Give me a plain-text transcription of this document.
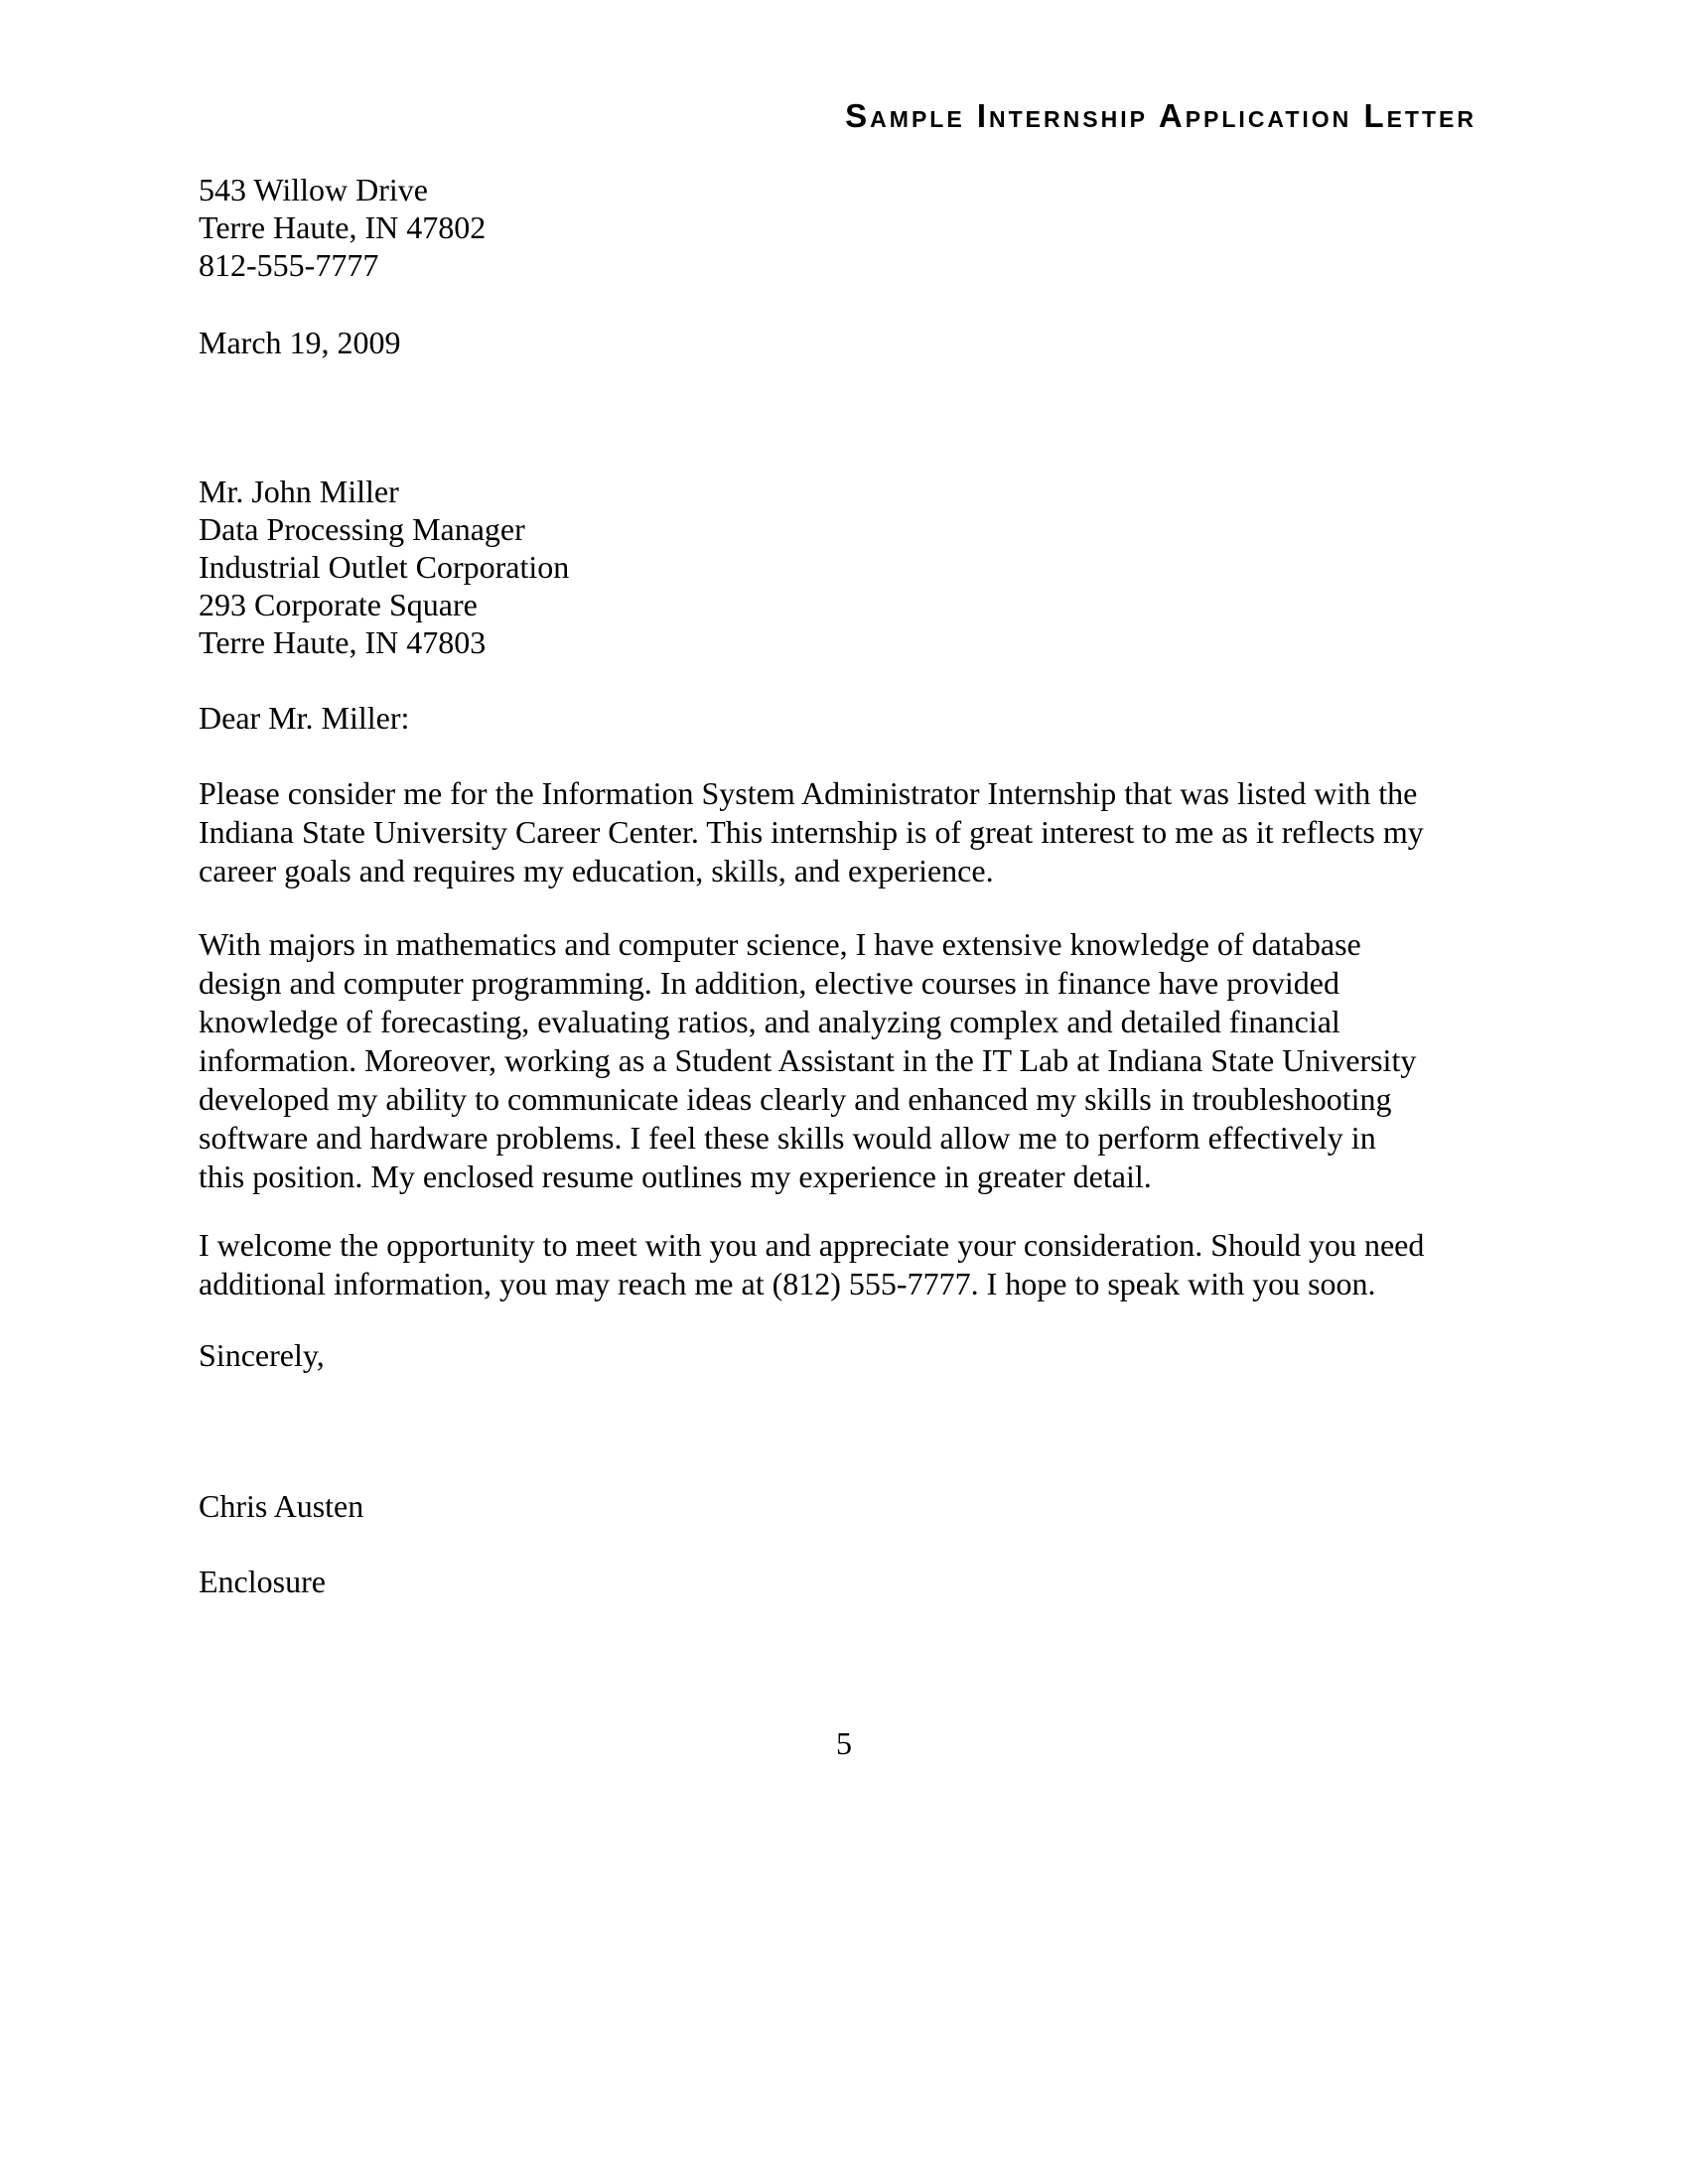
Sample Internship Application Letter
543 Willow Drive
Terre Haute, IN 47802
812-555-7777
March 19, 2009
Mr. John Miller
Data Processing Manager
Industrial Outlet Corporation
293 Corporate Square
Terre Haute, IN 47803
Dear Mr. Miller:
Please consider me for the Information System Administrator Internship that was listed with the
Indiana State University Career Center. This internship is of great interest to me as it reflects my
career goals and requires my education, skills, and experience.
With majors in mathematics and computer science, I have extensive knowledge of database
design and computer programming. In addition, elective courses in finance have provided
knowledge of forecasting, evaluating ratios, and analyzing complex and detailed financial
information. Moreover, working as a Student Assistant in the IT Lab at Indiana State University
developed my ability to communicate ideas clearly and enhanced my skills in troubleshooting
software and hardware problems. I feel these skills would allow me to perform effectively in
this position. My enclosed resume outlines my experience in greater detail.
I welcome the opportunity to meet with you and appreciate your consideration. Should you need
additional information, you may reach me at (812) 555-7777. I hope to speak with you soon.
Sincerely,
Chris Austen
Enclosure
5
